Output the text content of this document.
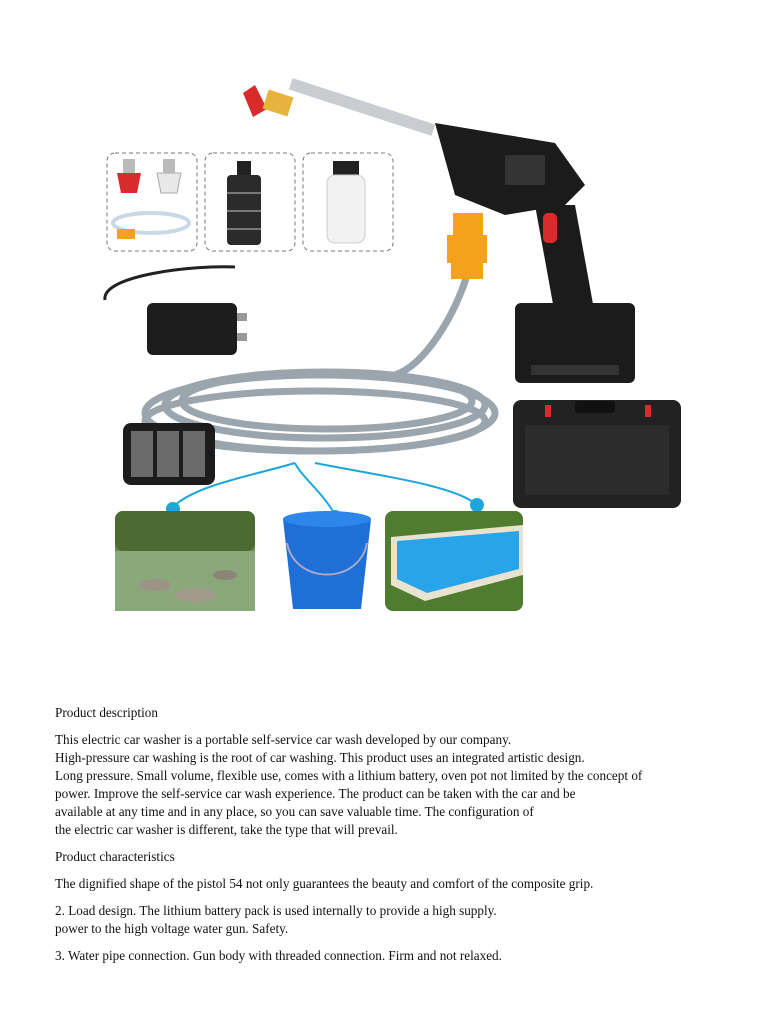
Product description

This electric car washer is a portable self-service car wash developed by our company.
High-pressure car washing is the root of car washing. This product uses an integrated artistic design.
Long pressure. Small volume, flexible use, comes with a lithium battery, oven pot not limited by the concept of
power. Improve the self-service car wash experience. The product can be taken with the car and be
available at any time and in any place, so you can save valuable time. The configuration of
the electric car washer is different, take the type that will prevail.

Product characteristics

The dignified shape of the pistol 54 not only guarantees the beauty and comfort of the composite grip.

2. Load design. The lithium battery pack is used internally to provide a high supply.
power to the high voltage water gun. Safety.

3. Water pipe connection. Gun body with threaded connection. Firm and not relaxed.
